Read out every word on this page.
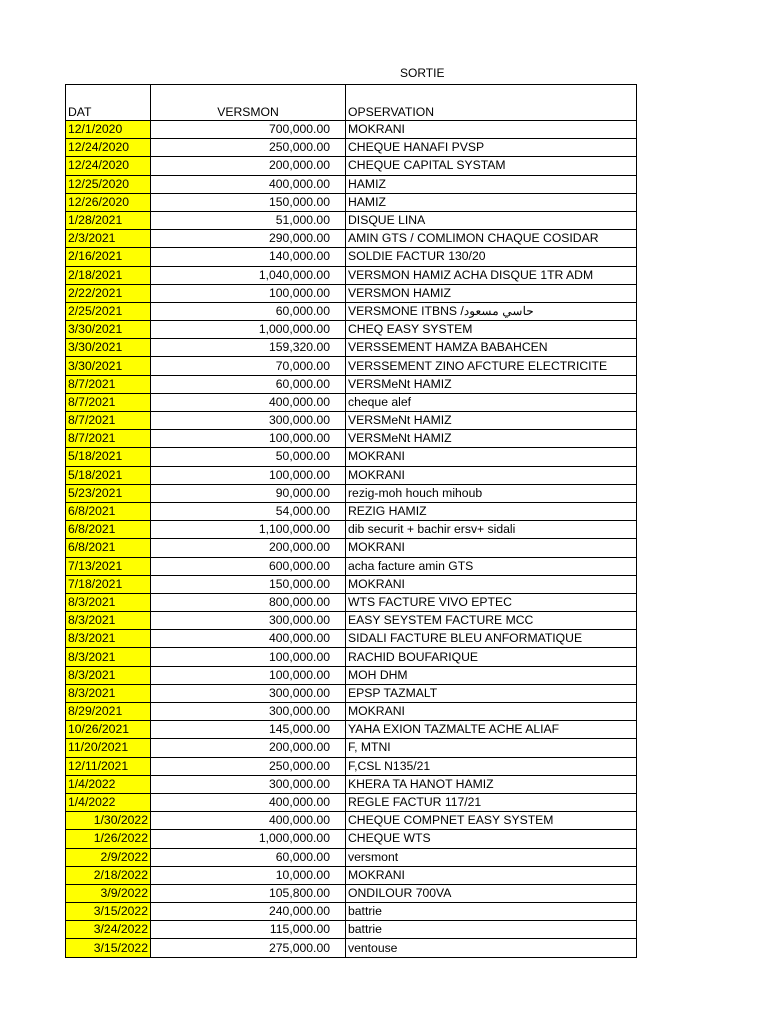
SORTIE
DAT	VERSMON	OPSERVATION
12/1/2020	700,000.00	MOKRANI
12/24/2020	250,000.00	CHEQUE HANAFI PVSP
12/24/2020	200,000.00	CHEQUE CAPITAL SYSTAM
12/25/2020	400,000.00	HAMIZ
12/26/2020	150,000.00	HAMIZ
1/28/2021	51,000.00	DISQUE LINA
2/3/2021	290,000.00	AMIN GTS / COMLIMON CHAQUE COSIDAR
2/16/2021	140,000.00	SOLDIE FACTUR 130/20
2/18/2021	1,040,000.00	VERSMON HAMIZ ACHA DISQUE 1TR ADM
2/22/2021	100,000.00	VERSMON HAMIZ
2/25/2021	60,000.00	VERSMONE ITBNS /حاسي مسعود
3/30/2021	1,000,000.00	CHEQ EASY SYSTEM
3/30/2021	159,320.00	VERSSEMENT HAMZA BABAHCEN
3/30/2021	70,000.00	VERSSEMENT ZINO AFCTURE ELECTRICITE
8/7/2021	60,000.00	VERSMeNt HAMIZ
8/7/2021	400,000.00	cheque alef
8/7/2021	300,000.00	VERSMeNt HAMIZ
8/7/2021	100,000.00	VERSMeNt HAMIZ
5/18/2021	50,000.00	MOKRANI
5/18/2021	100,000.00	MOKRANI
5/23/2021	90,000.00	rezig-moh houch mihoub
6/8/2021	54,000.00	REZIG HAMIZ
6/8/2021	1,100,000.00	dib securit + bachir ersv+ sidali
6/8/2021	200,000.00	MOKRANI
7/13/2021	600,000.00	acha facture amin GTS
7/18/2021	150,000.00	MOKRANI
8/3/2021	800,000.00	WTS FACTURE VIVO EPTEC
8/3/2021	300,000.00	EASY SEYSTEM FACTURE MCC
8/3/2021	400,000.00	SIDALI FACTURE BLEU ANFORMATIQUE
8/3/2021	100,000.00	RACHID BOUFARIQUE
8/3/2021	100,000.00	MOH DHM
8/3/2021	300,000.00	EPSP TAZMALT
8/29/2021	300,000.00	MOKRANI
10/26/2021	145,000.00	YAHA EXION TAZMALTE ACHE ALIAF
11/20/2021	200,000.00	F, MTNI
12/11/2021	250,000.00	F,CSL N135/21
1/4/2022	300,000.00	KHERA TA HANOT HAMIZ
1/4/2022	400,000.00	REGLE FACTUR 117/21
1/30/2022	400,000.00	CHEQUE COMPNET EASY SYSTEM
1/26/2022	1,000,000.00	CHEQUE WTS
2/9/2022	60,000.00	versmont
2/18/2022	10,000.00	MOKRANI
3/9/2022	105,800.00	ONDILOUR 700VA
3/15/2022	240,000.00	battrie
3/24/2022	115,000.00	battrie
3/15/2022	275,000.00	ventouse
